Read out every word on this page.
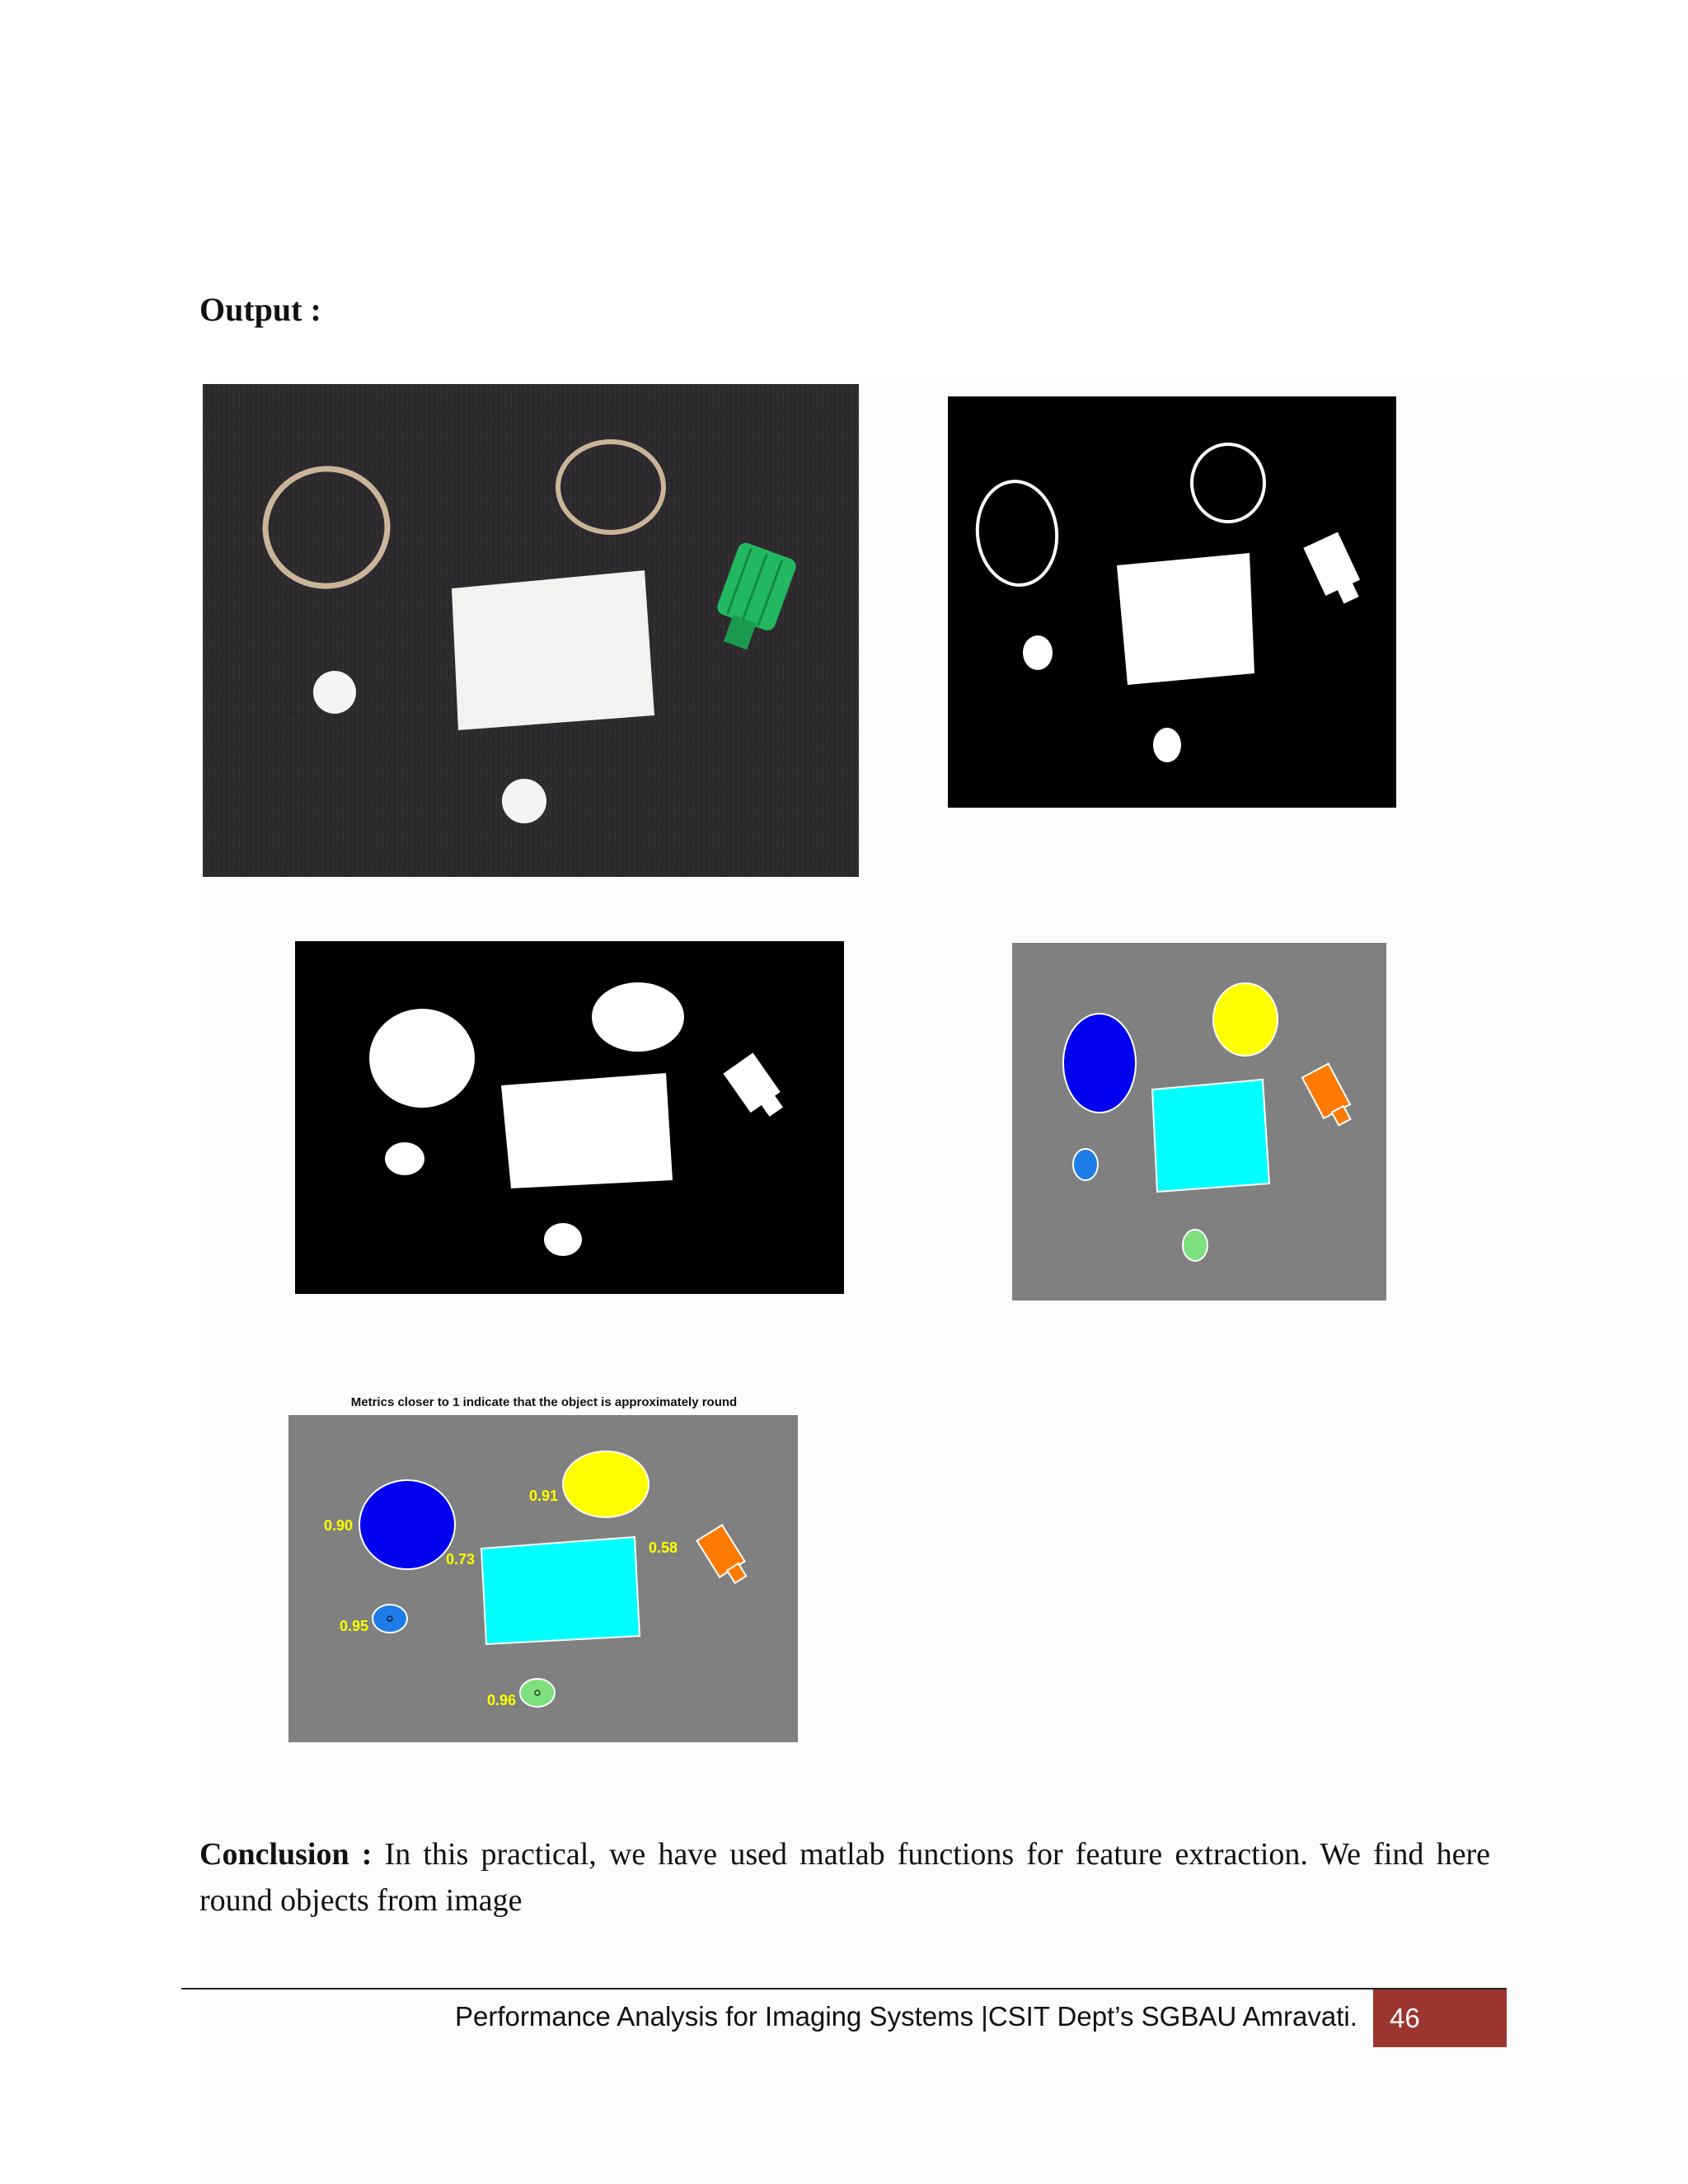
Output :
Metrics closer to 1 indicate that the object is approximately round
0.90
0.91
0.73
0.58
0.95
0.96
Conclusion : In this practical, we have used matlab functions for feature extraction. We find here round objects from image
Performance Analysis for Imaging Systems |CSIT Dept’s SGBAU Amravati.	46
